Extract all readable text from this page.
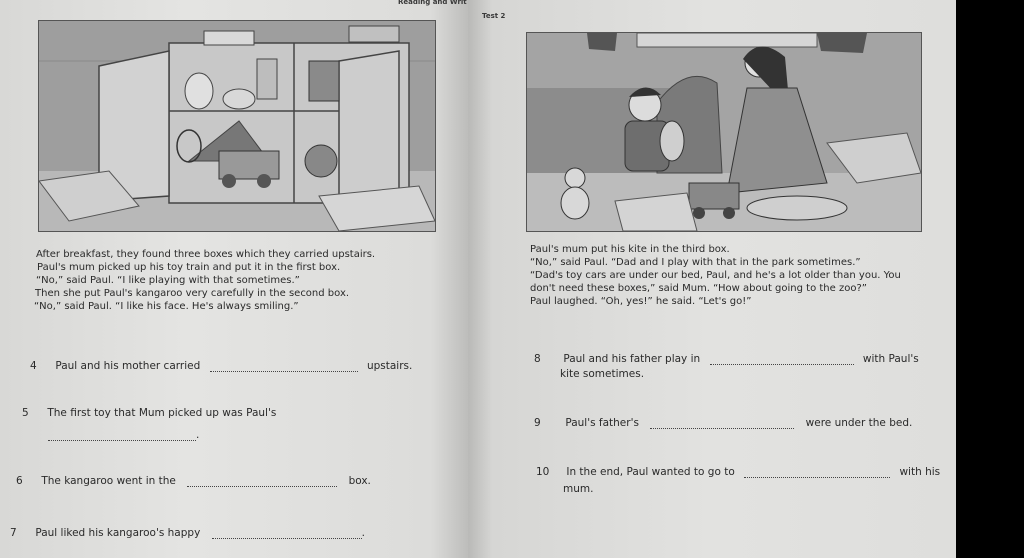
Reading and Writ

After breakfast, they found three boxes which they carried upstairs.

Paul's mum picked up his toy train and put it in the first box.

“No,” said Paul. “I like playing with that sometimes.”

Then she put Paul's kangaroo very carefully in the second box.

“No,” said Paul. “I like his face. He's always smiling.”

4 Paul and his mother carried	upstairs.
5 The first toy that Mum picked up was Paul's
.
6 The kangaroo went in the	box.
7 Paul liked his kangaroo's happy	.
Test 2

Paul's mum put his kite in the third box.

“No,” said Paul. “Dad and I play with that in the park sometimes.”

“Dad's toy cars are under our bed, Paul, and he's a lot older than you. You

don't need these boxes,” said Mum. “How about going to the zoo?”

Paul laughed. “Oh, yes!” he said. “Let's go!”

8 Paul and his father play in	with Paul's
kite sometimes.
9 Paul's father's	were under the bed.
10 In the end, Paul wanted to go to	with his
mum.
